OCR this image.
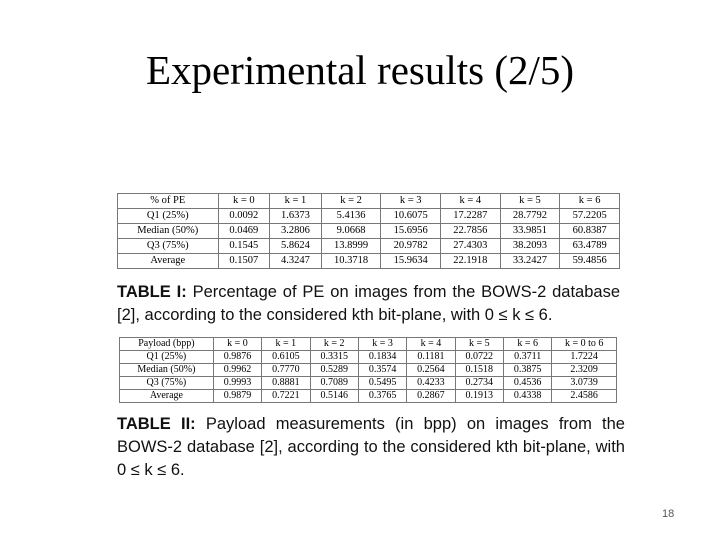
Experimental results (2/5)
% of PE	k = 0	k = 1	k = 2	k = 3	k = 4	k = 5	k = 6
Q1 (25%)	0.0092	1.6373	5.4136	10.6075	17.2287	28.7792	57.2205
Median (50%)	0.0469	3.2806	9.0668	15.6956	22.7856	33.9851	60.8387
Q3 (75%)	0.1545	5.8624	13.8999	20.9782	27.4303	38.2093	63.4789
Average	0.1507	4.3247	10.3718	15.9634	22.1918	33.2427	59.4856
TABLE I: Percentage of PE on images from the BOWS-2 database [2], according to the considered kth bit-plane, with 0 ≤ k ≤ 6.
Payload (bpp)	k = 0	k = 1	k = 2	k = 3	k = 4	k = 5	k = 6	k = 0 to 6
Q1 (25%)	0.9876	0.6105	0.3315	0.1834	0.1181	0.0722	0.3711	1.7224
Median (50%)	0.9962	0.7770	0.5289	0.3574	0.2564	0.1518	0.3875	2.3209
Q3 (75%)	0.9993	0.8881	0.7089	0.5495	0.4233	0.2734	0.4536	3.0739
Average	0.9879	0.7221	0.5146	0.3765	0.2867	0.1913	0.4338	2.4586
TABLE II: Payload measurements (in bpp) on images from the BOWS-2 database [2], according to the considered kth bit-plane, with 0 ≤ k ≤ 6.
18
